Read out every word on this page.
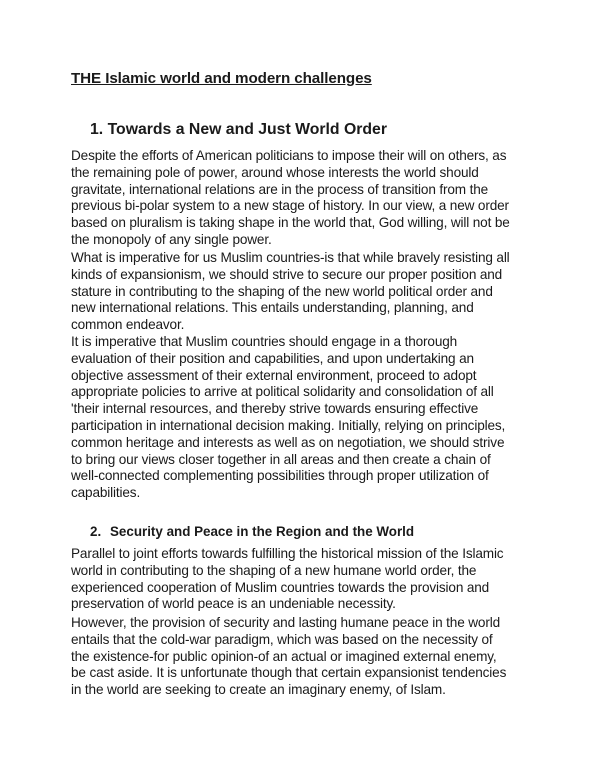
THE Islamic world and modern challenges
1. Towards a New and Just World Order

Despite the efforts of American politicians to impose their will on others, as
the remaining pole of power, around whose interests the world should
gravitate, international relations are in the process of transition from the
previous bi-polar system to a new stage of history. In our view, a new order
based on pluralism is taking shape in the world that, God willing, will not be
the monopoly of any single power.

What is imperative for us Muslim countries-is that while bravely resisting all
kinds of expansionism, we should strive to secure our proper position and
stature in contributing to the shaping of the new world political order and
new international relations. This entails understanding, planning, and
common endeavor.

It is imperative that Muslim countries should engage in a thorough
evaluation of their position and capabilities, and upon undertaking an
objective assessment of their external environment, proceed to adopt
appropriate policies to arrive at political solidarity and consolidation of all
'their internal resources, and thereby strive towards ensuring effective
participation in international decision making. Initially, relying on principles,
common heritage and interests as well as on negotiation, we should strive
to bring our views closer together in all areas and then create a chain of
well-connected complementing possibilities through proper utilization of
capabilities.

2. Security and Peace in the Region and the World

Parallel to joint efforts towards fulfilling the historical mission of the Islamic
world in contributing to the shaping of a new humane world order, the
experienced cooperation of Muslim countries towards the provision and
preservation of world peace is an undeniable necessity.

However, the provision of security and lasting humane peace in the world
entails that the cold-war paradigm, which was based on the necessity of
the existence-for public opinion-of an actual or imagined external enemy,
be cast aside. It is unfortunate though that certain expansionist tendencies
in the world are seeking to create an imaginary enemy, of Islam.
